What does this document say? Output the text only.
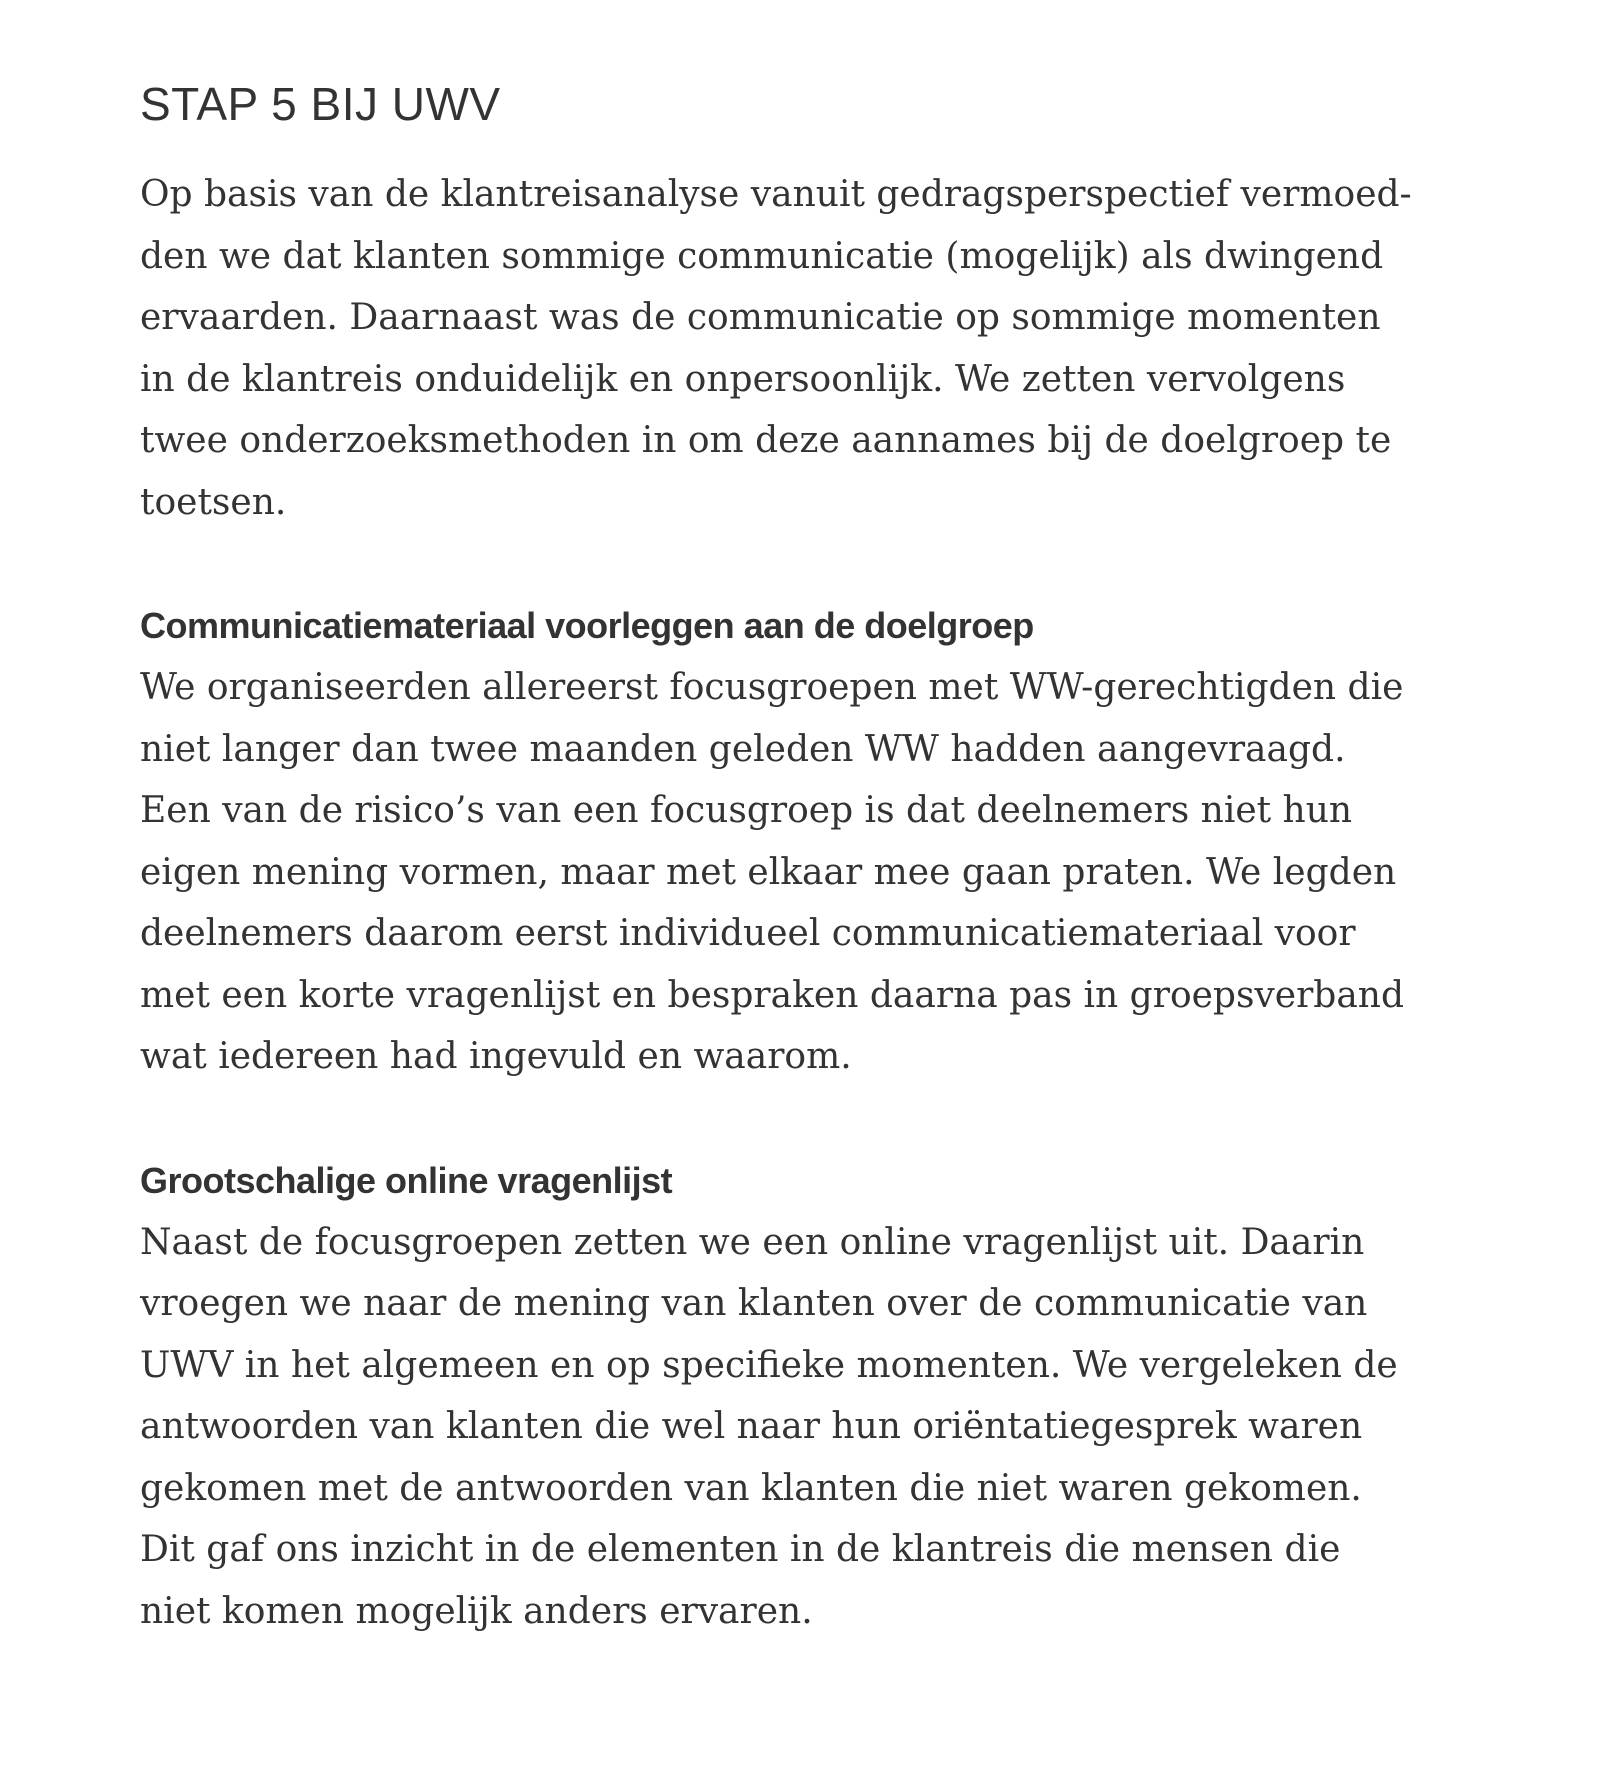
STAP 5 BIJ UWV

Op basis van de klantreisanalyse vanuit gedragsperspectief vermoed-
den we dat klanten sommige communicatie (mogelijk) als dwingend
ervaarden. Daarnaast was de communicatie op sommige momenten
in de klantreis onduidelijk en onpersoonlijk. We zetten vervolgens
twee onderzoeksmethoden in om deze aannames bij de doelgroep te
toetsen.

Communicatiemateriaal voorleggen aan de doelgroep

We organiseerden allereerst focusgroepen met WW-gerechtigden die
niet langer dan twee maanden geleden WW hadden aangevraagd.
Een van de risico’s van een focusgroep is dat deelnemers niet hun
eigen mening vormen, maar met elkaar mee gaan praten. We legden
deelnemers daarom eerst individueel communicatiemateriaal voor
met een korte vragenlijst en bespraken daarna pas in groepsverband
wat iedereen had ingevuld en waarom.

Grootschalige online vragenlijst

Naast de focusgroepen zetten we een online vragenlijst uit. Daarin
vroegen we naar de mening van klanten over de communicatie van
UWV in het algemeen en op specifieke momenten. We vergeleken de
antwoorden van klanten die wel naar hun oriëntatiegesprek waren
gekomen met de antwoorden van klanten die niet waren gekomen.
Dit gaf ons inzicht in de elementen in de klantreis die mensen die
niet komen mogelijk anders ervaren.
